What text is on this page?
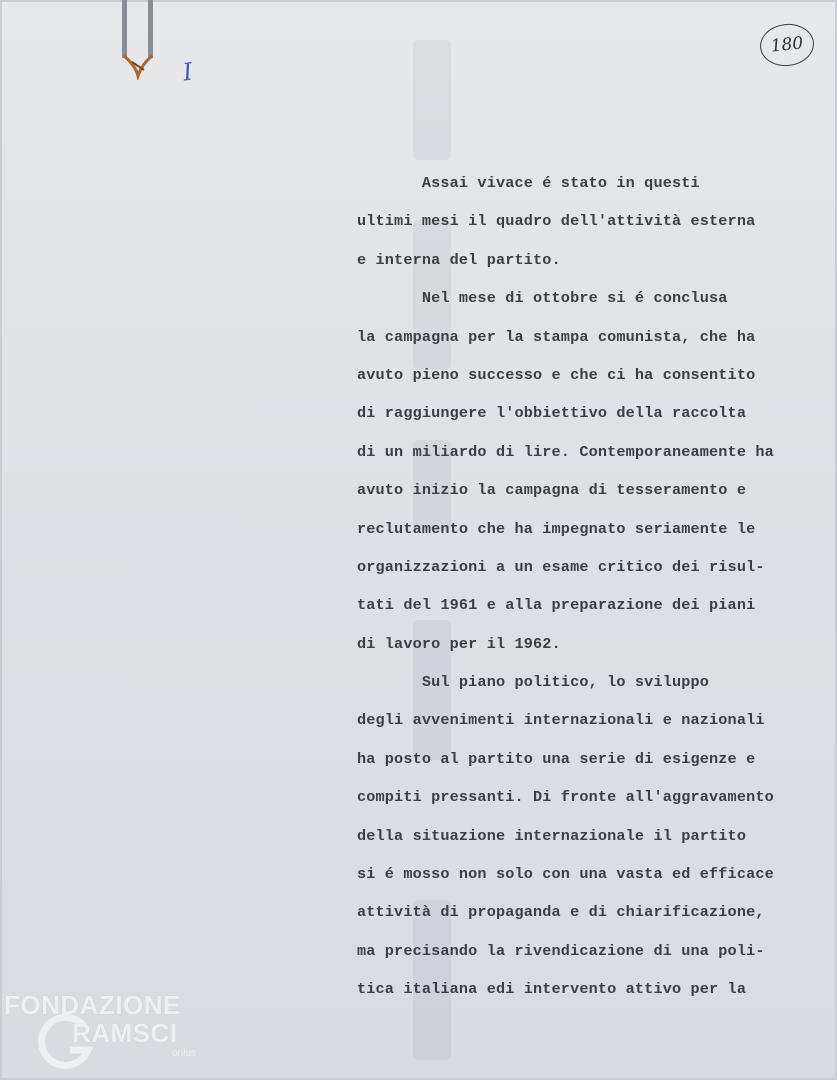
I
180
Assai vivace é stato in questi
ultimi mesi il quadro dell'attività esterna
e interna del partito.
Nel mese di ottobre si é conclusa
la campagna per la stampa comunista, che ha
avuto pieno successo e che ci ha consentito
di raggiungere l'obbiettivo della raccolta
di un miliardo di lire. Contemporaneamente ha
avuto inizio la campagna di tesseramento e
reclutamento che ha impegnato seriamente le
organizzazioni a un esame critico dei risul-
tati del 1961 e alla preparazione dei piani
di lavoro per il 1962.
Sul piano politico, lo sviluppo
degli avvenimenti internazionali e nazionali
ha posto al partito una serie di esigenze e
compiti pressanti. Di fronte all'aggravamento
della situazione internazionale il partito
si é mosso non solo con una vasta ed efficace
attività di propaganda e di chiarificazione,
ma precisando la rivendicazione di una poli-
tica italiana edi intervento attivo per la
FONDAZIONE
RAMSCI
onlus
